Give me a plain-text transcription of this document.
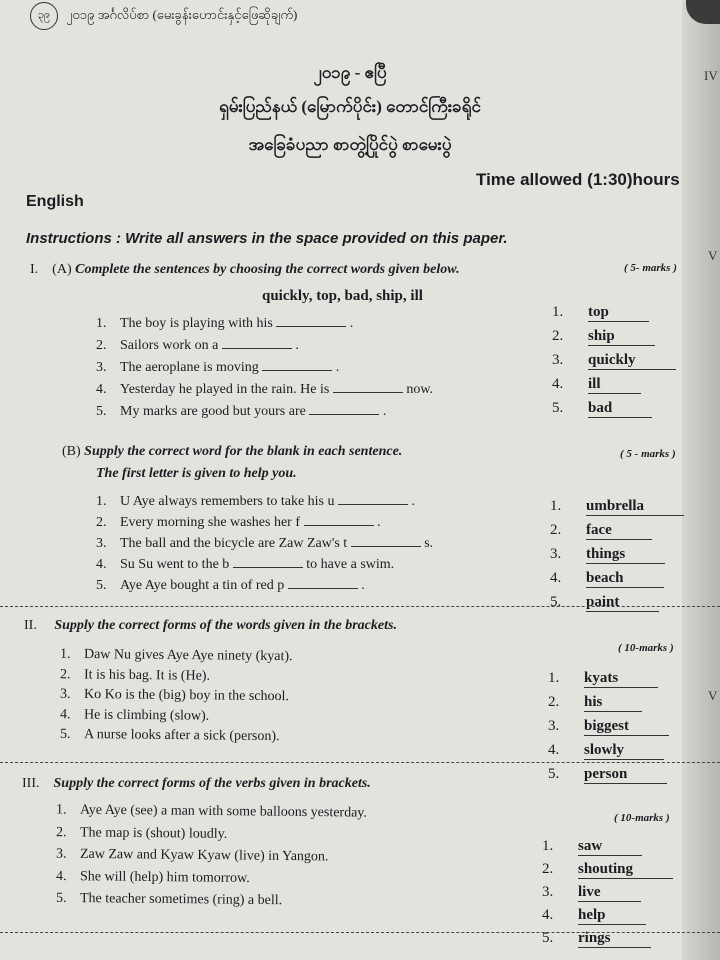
၃၉	၂၀၁၉ အင်္ဂလိပ်စာ (မေးခွန်းဟောင်းနှင့်ဖြေဆိုချက်)
၂၀၁၉ - ဧပြီ
ရှမ်းပြည်နယ် (မြောက်ပိုင်း) တောင်ကြီးခရိုင်
အခြေခံပညာ စာတွဲ့ပြိုင်ပွဲ စာမေးပွဲ
Time allowed (1:30)hours
English
Instructions : Write all answers in the space provided on this paper.
I. (A) Complete the sentences by choosing the correct words given below.	( 5- marks )
quickly, top, bad, ship, ill
1. The boy is playing with his	.
2. Sailors work on a	.
3. The aeroplane is moving	.
4. Yesterday he played in the rain. He is	now.
5. My marks are good but yours are	.
1. top
2. ship
3. quickly
4. ill
5. bad
(B) Supply the correct word for the blank in each sentence.
The first letter is given to help you.
( 5 - marks )
1. U Aye always remembers to take his u	.
2. Every morning she washes her f	.
3. The ball and the bicycle are Zaw Zaw's t	s.
4. Su Su went to the b	to have a swim.
5. Aye Aye bought a tin of red p	.
1. umbrella
2. face
3. things
4. beach
5. paint
II. Supply the correct forms of the words given in the brackets.
( 10-marks )
1. Daw Nu gives Aye Aye ninety (kyat).
2. It is his bag. It is (He).
3. Ko Ko is the (big) boy in the school.
4. He is climbing (slow).
5. A nurse looks after a sick (person).
1. kyats
2. his
3. biggest
4. slowly
5. person
III. Supply the correct forms of the verbs given in brackets.
( 10-marks )
1. Aye Aye (see) a man with some balloons yesterday.
2. The map is (shout) loudly.
3. Zaw Zaw and Kyaw Kyaw (live) in Yangon.
4. She will (help) him tomorrow.
5. The teacher sometimes (ring) a bell.
1. saw
2. shouting
3. live
4. help
5. rings
IV
V
V
